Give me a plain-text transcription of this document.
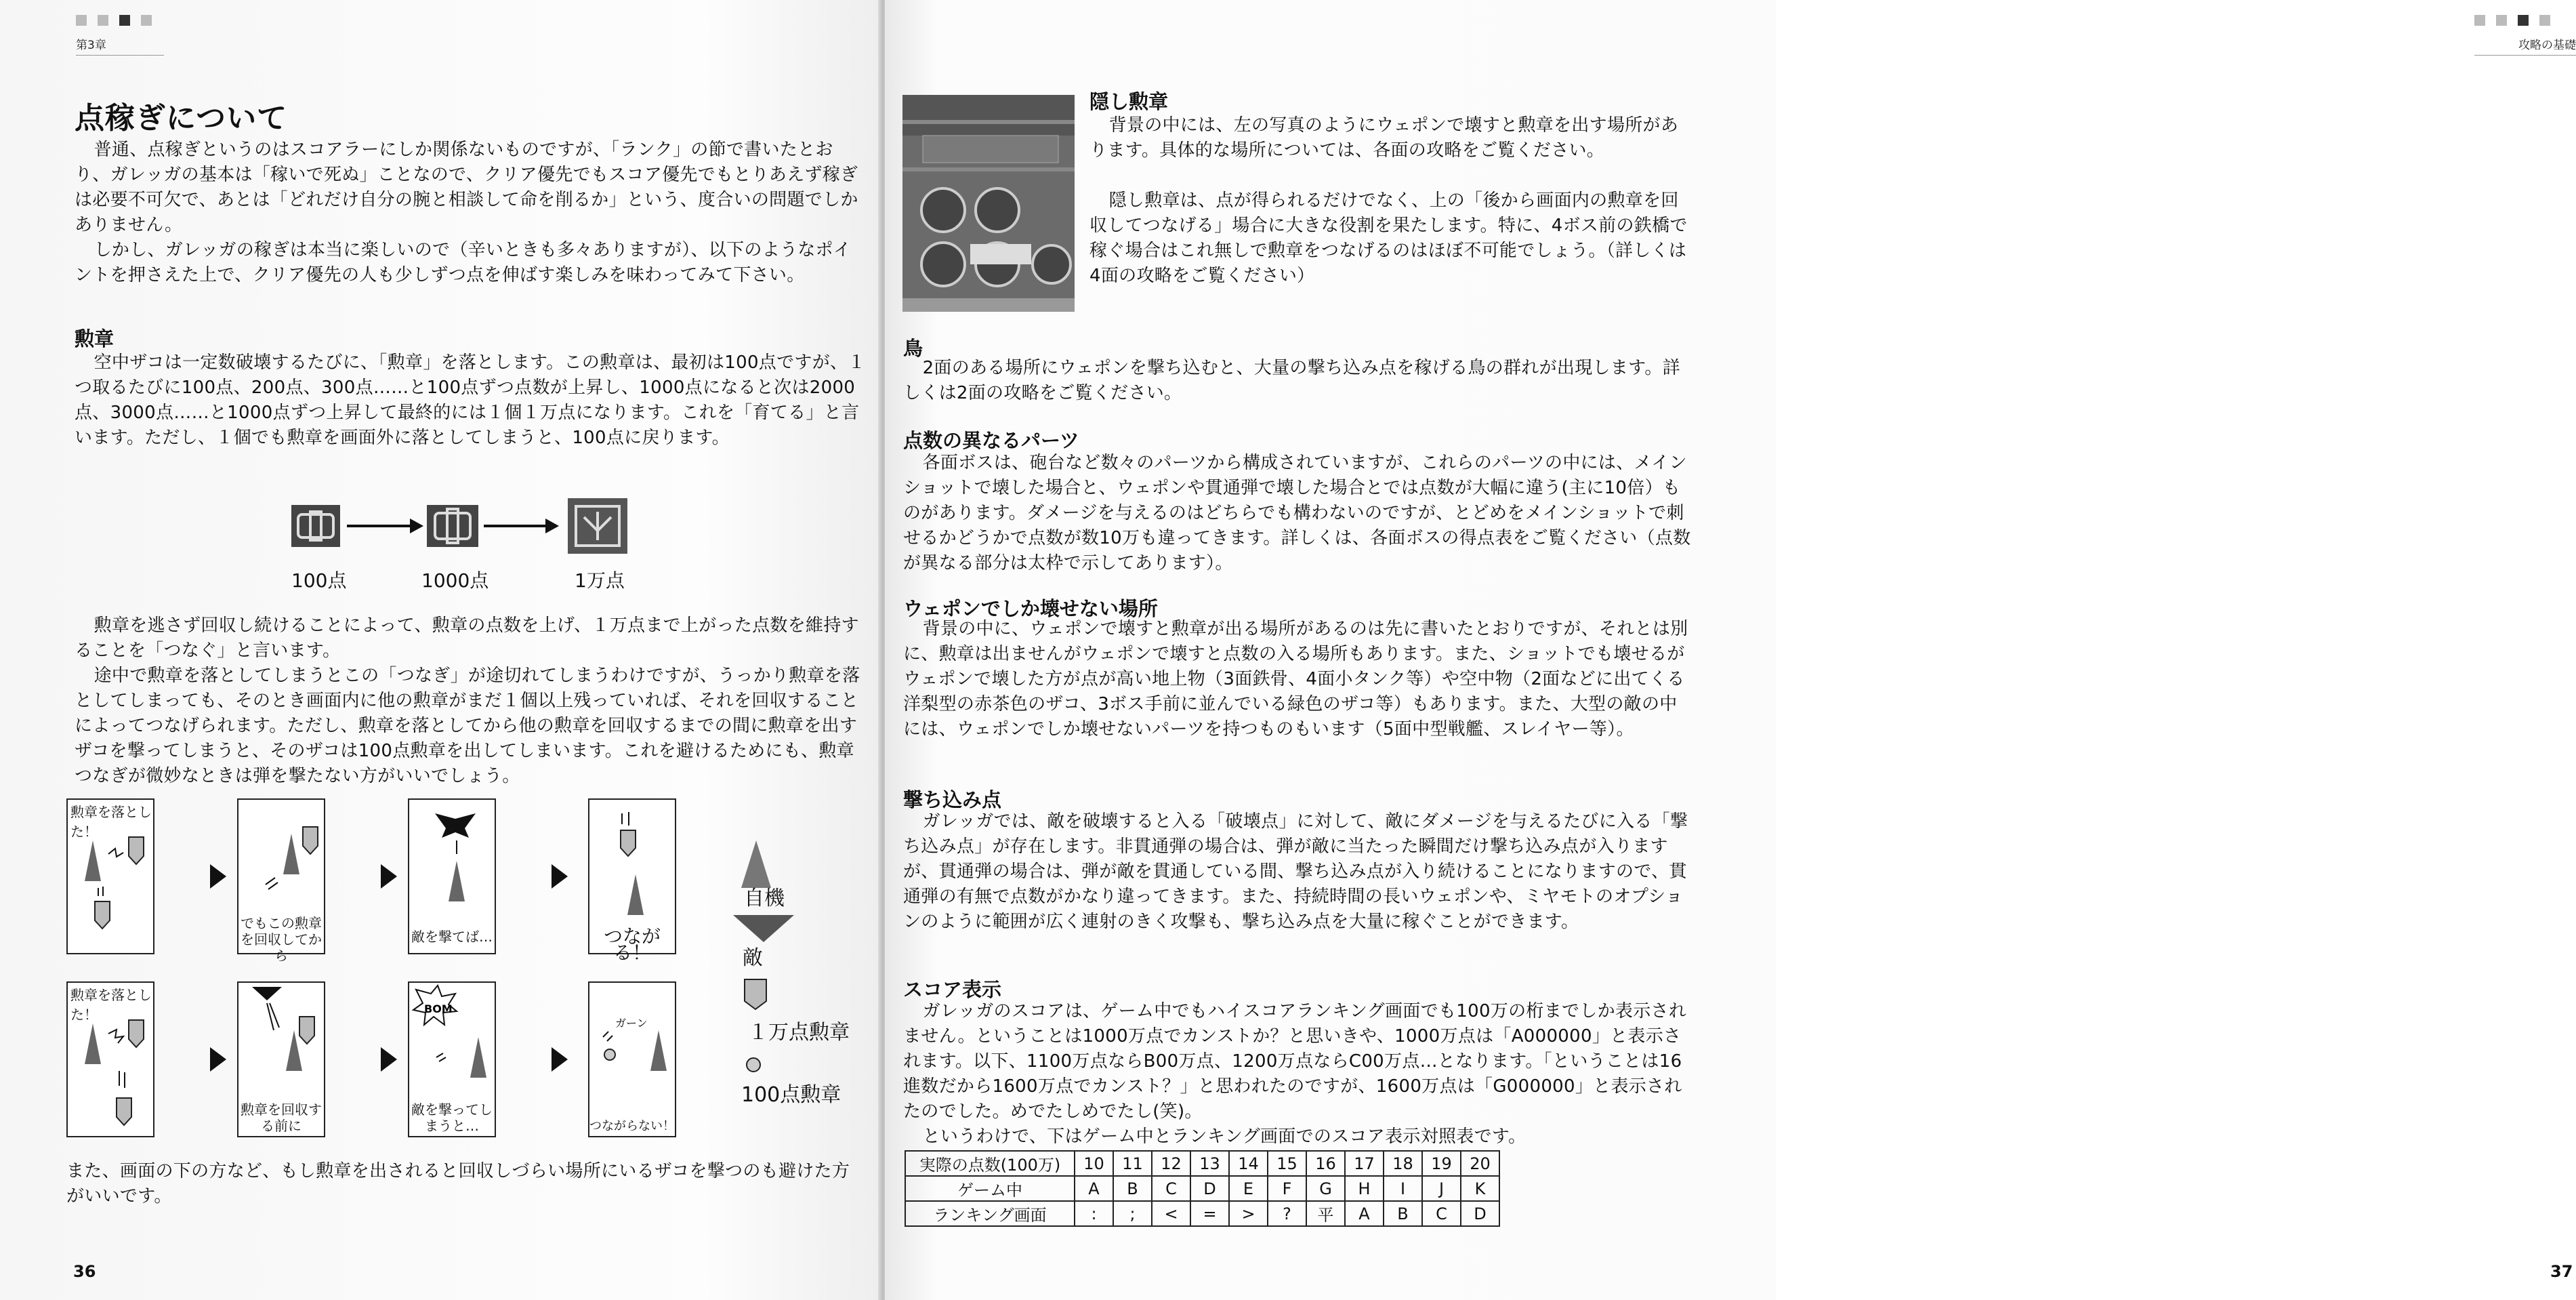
第3章
点稼ぎについて

普通、点稼ぎというのはスコアラーにしか関係ないものですが、「ランク」の節で書いたとおり、ガレッガの基本は「稼いで死ぬ」ことなので、クリア優先でもスコア優先でもとりあえず稼ぎは必要不可欠で、あとは「どれだけ自分の腕と相談して命を削るか」という、度合いの問題でしかありません。

しかし、ガレッガの稼ぎは本当に楽しいので（辛いときも多々ありますが）、以下のようなポイントを押さえた上で、クリア優先の人も少しずつ点を伸ばす楽しみを味わってみて下さい。

勲章

空中ザコは一定数破壊するたびに、「勲章」を落とします。この勲章は、最初は100点ですが、１つ取るたびに100点、200点、300点……と100点ずつ点数が上昇し、1000点になると次は2000点、3000点……と1000点ずつ上昇して最終的には１個１万点になります。これを「育てる」と言います。ただし、１個でも勲章を画面外に落としてしまうと、100点に戻ります。

100点	1000点	1万点

勲章を逃さず回収し続けることによって、勲章の点数を上げ、１万点まで上がった点数を維持することを「つなぐ」と言います。

途中で勲章を落としてしまうとこの「つなぎ」が途切れてしまうわけですが、うっかり勲章を落としてしまっても、そのとき画面内に他の勲章がまだ１個以上残っていれば、それを回収することによってつなげられます。ただし、勲章を落としてから他の勲章を回収するまでの間に勲章を出すザコを撃ってしまうと、そのザコは100点勲章を出してしまいます。これを避けるためにも、勲章つなぎが微妙なときは弾を撃たない方がいいでしょう。

勲章を落とした！
でもこの勲章を回収してから
敵を撃てば…	つながる！
勲章を落とした！
勲章を回収する前に
BOM
敵を撃ってしまうと…
ガーン
つながらない！
自機
敵
１万点勲章
100点勲章
また、画面の下の方など、もし勲章を出されると回収しづらい場所にいるザコを撃つのも避けた方がいいです。
36
攻略の基礎
37
隠し勲章

背景の中には、左の写真のようにウェポンで壊すと勲章を出す場所があります。具体的な場所については、各面の攻略をご覧ください。

隠し勲章は、点が得られるだけでなく、上の「後から画面内の勲章を回収してつなげる」場合に大きな役割を果たします。特に、4ボス前の鉄橋で稼ぐ場合はこれ無しで勲章をつなげるのはほぼ不可能でしょう。（詳しくは4面の攻略をご覧ください）

鳥

2面のある場所にウェポンを撃ち込むと、大量の撃ち込み点を稼げる鳥の群れが出現します。詳しくは2面の攻略をご覧ください。

点数の異なるパーツ

各面ボスは、砲台など数々のパーツから構成されていますが、これらのパーツの中には、メインショットで壊した場合と、ウェポンや貫通弾で壊した場合とでは点数が大幅に違う(主に10倍）ものがあります。ダメージを与えるのはどちらでも構わないのですが、とどめをメインショットで刺せるかどうかで点数が数10万も違ってきます。詳しくは、各面ボスの得点表をご覧ください（点数が異なる部分は太枠で示してあります）。

ウェポンでしか壊せない場所

背景の中に、ウェポンで壊すと勲章が出る場所があるのは先に書いたとおりですが、それとは別に、勲章は出ませんがウェポンで壊すと点数の入る場所もあります。また、ショットでも壊せるがウェポンで壊した方が点が高い地上物（3面鉄骨、4面小タンク等）や空中物（2面などに出てくる洋梨型の赤茶色のザコ、3ボス手前に並んでいる緑色のザコ等）もあります。また、大型の敵の中には、ウェポンでしか壊せないパーツを持つものもいます（5面中型戦艦、スレイヤー等）。

撃ち込み点

ガレッガでは、敵を破壊すると入る「破壊点」に対して、敵にダメージを与えるたびに入る「撃ち込み点」が存在します。非貫通弾の場合は、弾が敵に当たった瞬間だけ撃ち込み点が入りますが、貫通弾の場合は、弾が敵を貫通している間、撃ち込み点が入り続けることになりますので、貫通弾の有無で点数がかなり違ってきます。また、持続時間の長いウェポンや、ミヤモトのオプションのように範囲が広く連射のきく攻撃も、撃ち込み点を大量に稼ぐことができます。

スコア表示

ガレッガのスコアは、ゲーム中でもハイスコアランキング画面でも100万の桁までしか表示されません。ということは1000万点でカンストか？と思いきや、1000万点は「A000000」と表示されます。以下、1100万点ならB00万点、1200万点ならC00万点…となります。「ということは16進数だから1600万点でカンスト？」と思われたのですが、1600万点は「G000000」と表示されたのでした。めでたしめでたし(笑)。

というわけで、下はゲーム中とランキング画面でのスコア表示対照表です。

実際の点数(100万)	10	11	12	13	14	15	16	17	18	19	20
ゲーム中	A	B	C	D	E	F	G	H	I	J	K
ランキング画面	:	;	<	=	>	?	平	A	B	C	D
